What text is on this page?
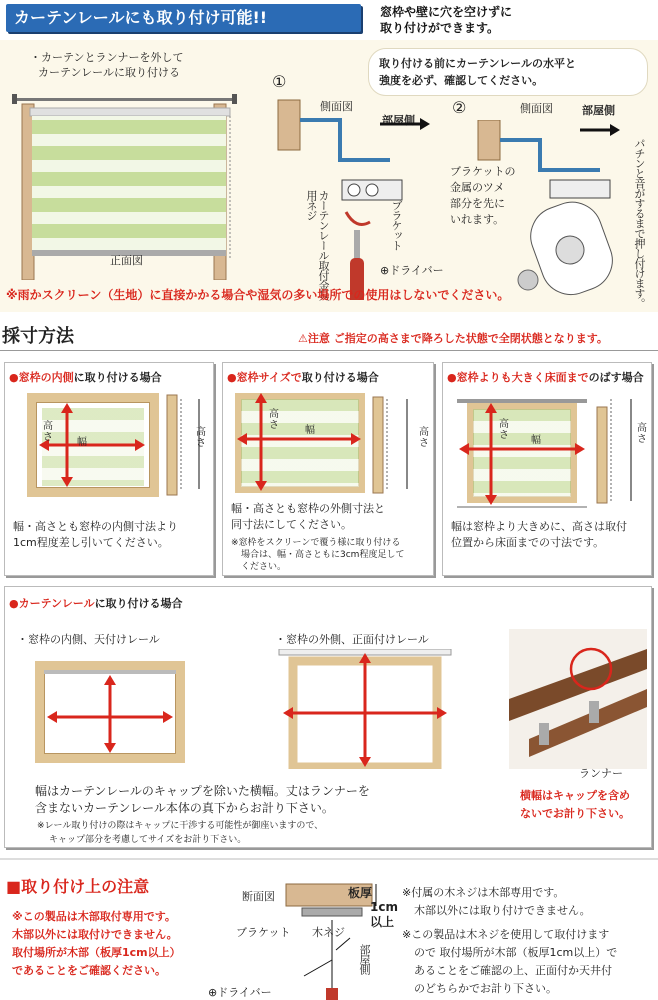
カーテンレールにも取り付け可能!!	窓枠や壁に穴を空けずに
取り付けができます。
・カーテンとランナーを外して
カーテンレールに取り付ける
正面図
取り付ける前にカーテンレールの水平と
強度を必ず、確認してください。
①
側面図
部屋側
カーテンレール取付金具用ネジ	ブラケット
⊕ドライバー
②	側面図	部屋側
ブラケットの
金属のツメ
部分を先に
いれます。	パチンと音がするまで押し付けます。
※雨かスクリーン（生地）に直接かかる場合や湿気の多い場所での使用はしないでください。
採寸方法	⚠注意 ご指定の高さまで降ろした状態で全閉状態となります。
●窓枠の内側に取り付ける場合
高さ	幅
高さ
幅・高さとも窓枠の内側寸法より
1cm程度差し引いてください。
●窓枠サイズで取り付ける場合
高さ	幅	高さ
幅・高さとも窓枠の外側寸法と
同寸法にしてください。
※窓枠をスクリーンで覆う様に取り付ける
場合は、幅・高さともに3cm程度足して
ください。
●窓枠よりも大きく床面までのばす場合
高さ	幅
高さ
幅は窓枠より大きめに、高さは取付
位置から床面までの寸法です。
●カーテンレールに取り付ける場合
・窓枠の内側、天付けレール	・窓枠の外側、正面付けレール
ランナー
幅はカーテンレールのキャップを除いた横幅。丈はランナーを
含まないカーテンレール本体の真下からお計り下さい。
※レール取り付けの際はキャップに干渉する可能性が御座いますので、
キャップ部分を考慮してサイズをお計り下さい。
横幅はキャップを含め
ないでお計り下さい。
■取り付け上の注意
※この製品は木部取付専用です。
木部以外には取付けできません。
取付場所が木部（板厚1cm以上）
であることをご確認ください。
断面図	板厚
1cm
以上
ブラケット 木ネジ
⊕ドライバー
部屋側
※付属の木ネジは木部専用です。
木部以外には取り付けできません。
※この製品は木ネジを使用して取付けます
ので 取付場所が木部（板厚1cm以上）で
あることをご確認の上、正面付か天井付
のどちらかでお計り下さい。
